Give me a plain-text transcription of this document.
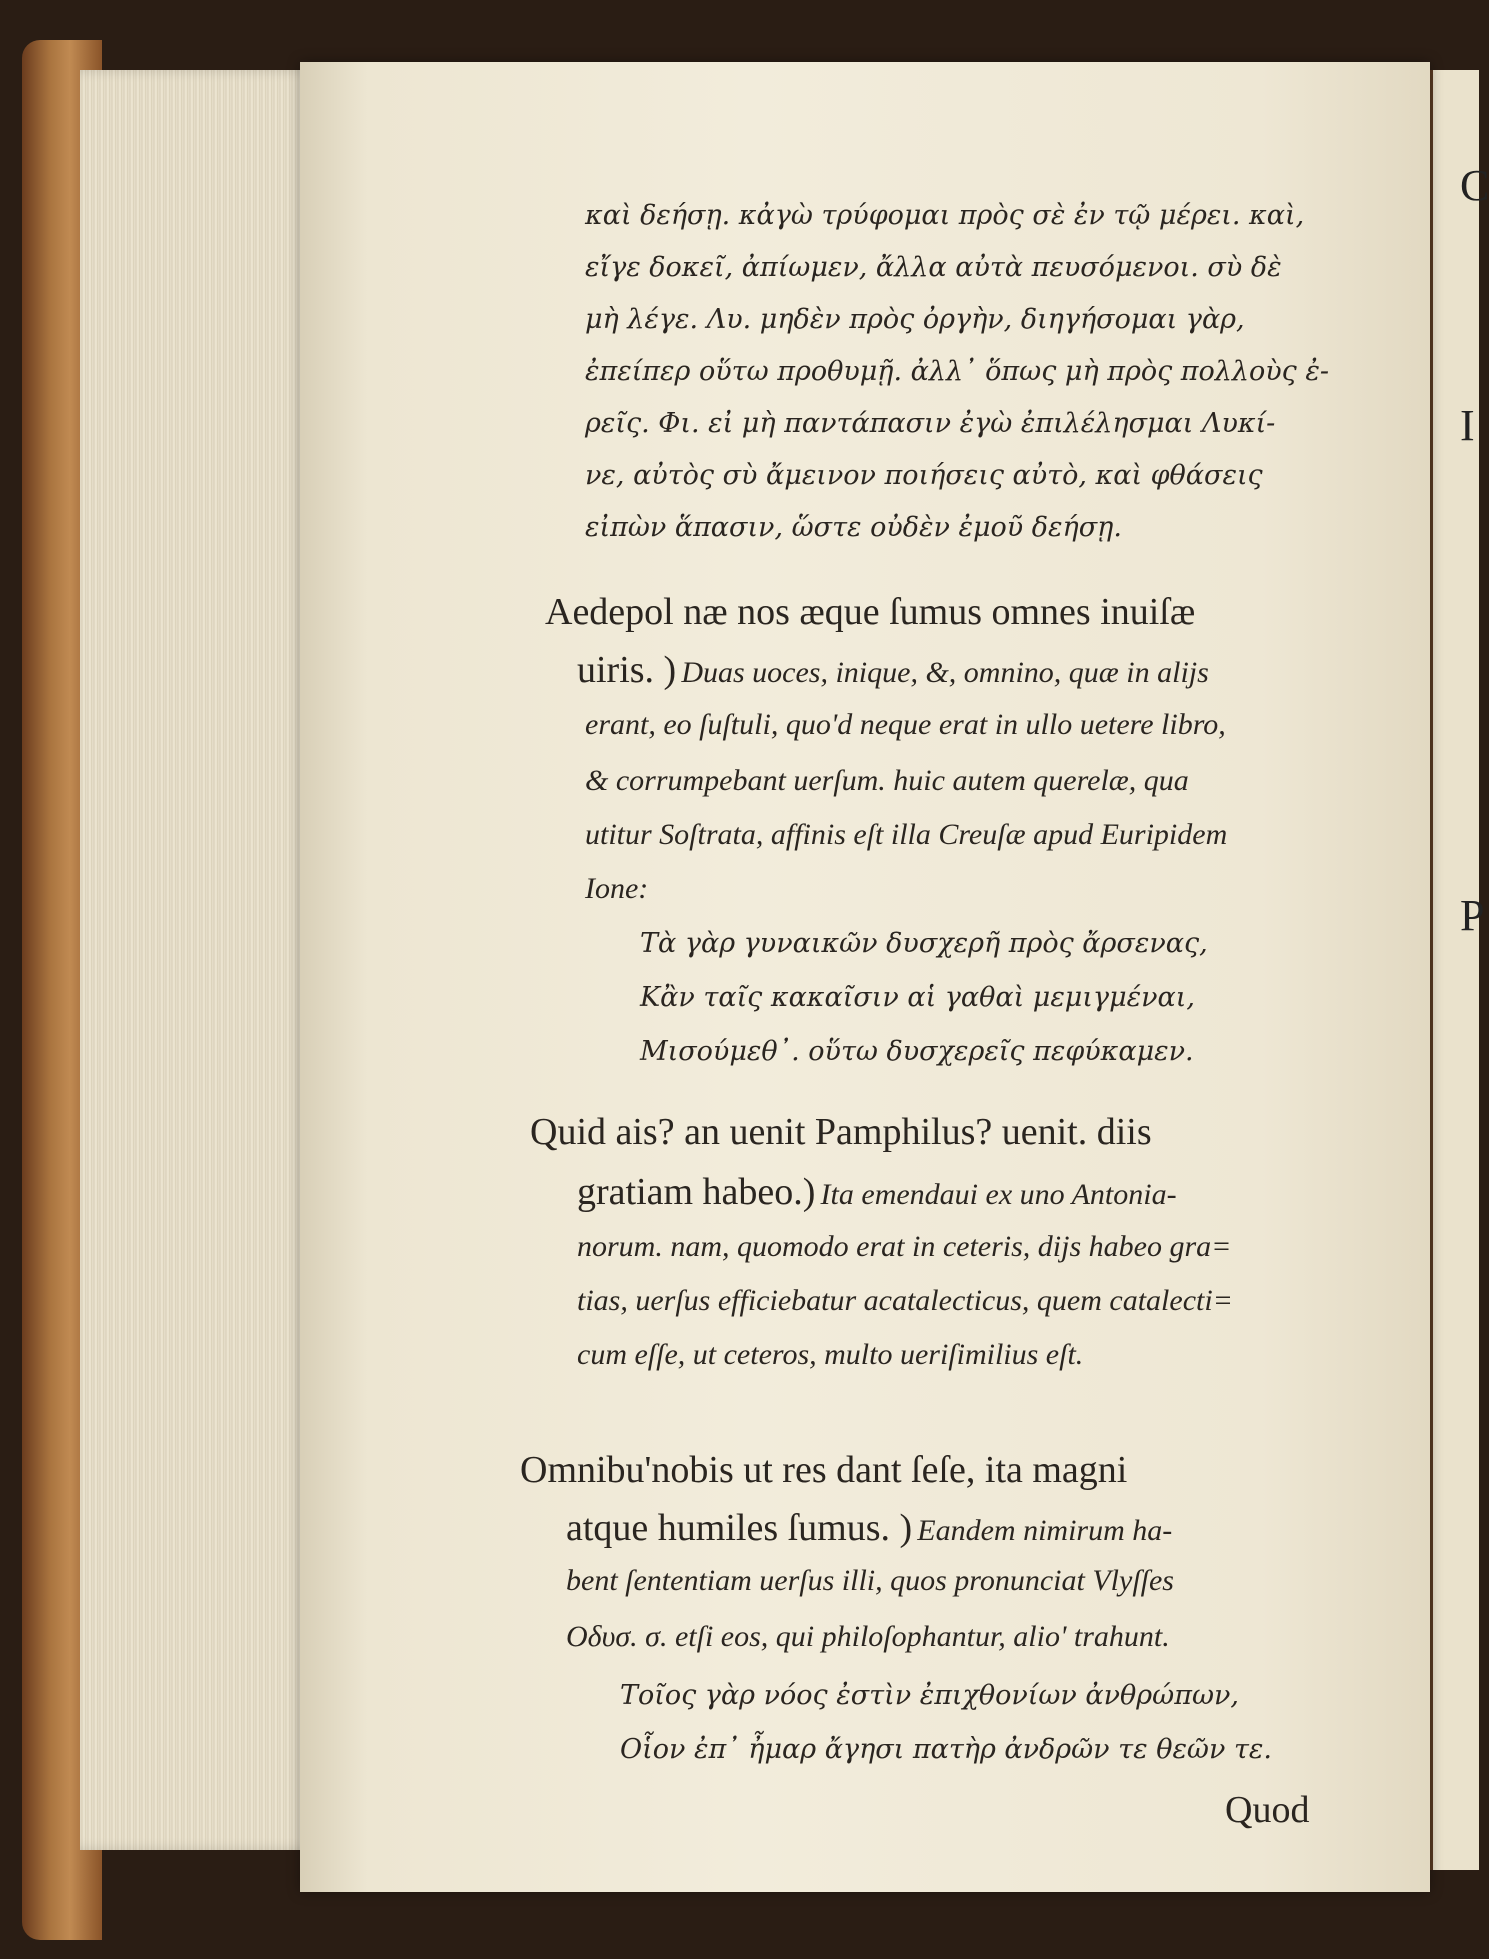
C
I
P
καὶ δεήσῃ. κἀγὼ τρύφομαι πρὸς σὲ ἐν τῷ μέρει. καὶ,
εἴγε δοκεῖ, ἀπίωμεν, ἄλλα αὐτὰ πευσόμενοι. σὺ δὲ
μὴ λέγε. Λυ. μηδὲν πρὸς ὀργὴν, διηγήσομαι γὰρ,
ἐπείπερ οὕτω προθυμῇ. ἀλλ᾽ ὅπως μὴ πρὸς πολλοὺς ἐ-
ρεῖς. Φι. εἰ μὴ παντάπασιν ἐγὼ ἐπιλέλησμαι Λυκί-
νε, αὐτὸς σὺ ἄμεινον ποιήσεις αὐτὸ, καὶ φθάσεις
εἰπὼν ἅπασιν, ὥστε οὐδὲν ἐμοῦ δεήσῃ.
Aedepol næ nos æque ſumus omnes inuiſæ
uiris. ) Duas uoces, inique, &, omnino, quæ in alijs
erant, eo ſuſtuli, quo'd neque erat in ullo uetere libro,
& corrumpebant uerſum. huic autem querelæ, qua
utitur Soſtrata, affinis eſt illa Creuſæ apud Euripidem
Ione:
Τὰ γὰρ γυναικῶν δυσχερῆ πρὸς ἄρσενας,
Κἂν ταῖς κακαῖσιν αἱ γαθαὶ μεμιγμέναι,
Μισούμεθ᾽. οὕτω δυσχερεῖς πεφύκαμεν.
Quid ais? an uenit Pamphilus? uenit. diis
gratiam habeo.) Ita emendaui ex uno Antonia-
norum. nam, quomodo erat in ceteris, dijs habeo gra=
tias, uerſus efficiebatur acatalecticus, quem catalecti=
cum eſſe, ut ceteros, multo ueriſimilius eſt.
Omnibu'nobis ut res dant ſeſe, ita magni
atque humiles ſumus. ) Eandem nimirum ha-
bent ſententiam uerſus illi, quos pronunciat Vlyſſes
Οδυσ. σ. etſi eos, qui philoſophantur, alio' trahunt.
Τοῖος γὰρ νόος ἐστὶν ἐπιχθονίων ἀνθρώπων,
Οἷον ἐπ᾽ ἦμαρ ἄγησι πατὴρ ἀνδρῶν τε θεῶν τε.
Quod
